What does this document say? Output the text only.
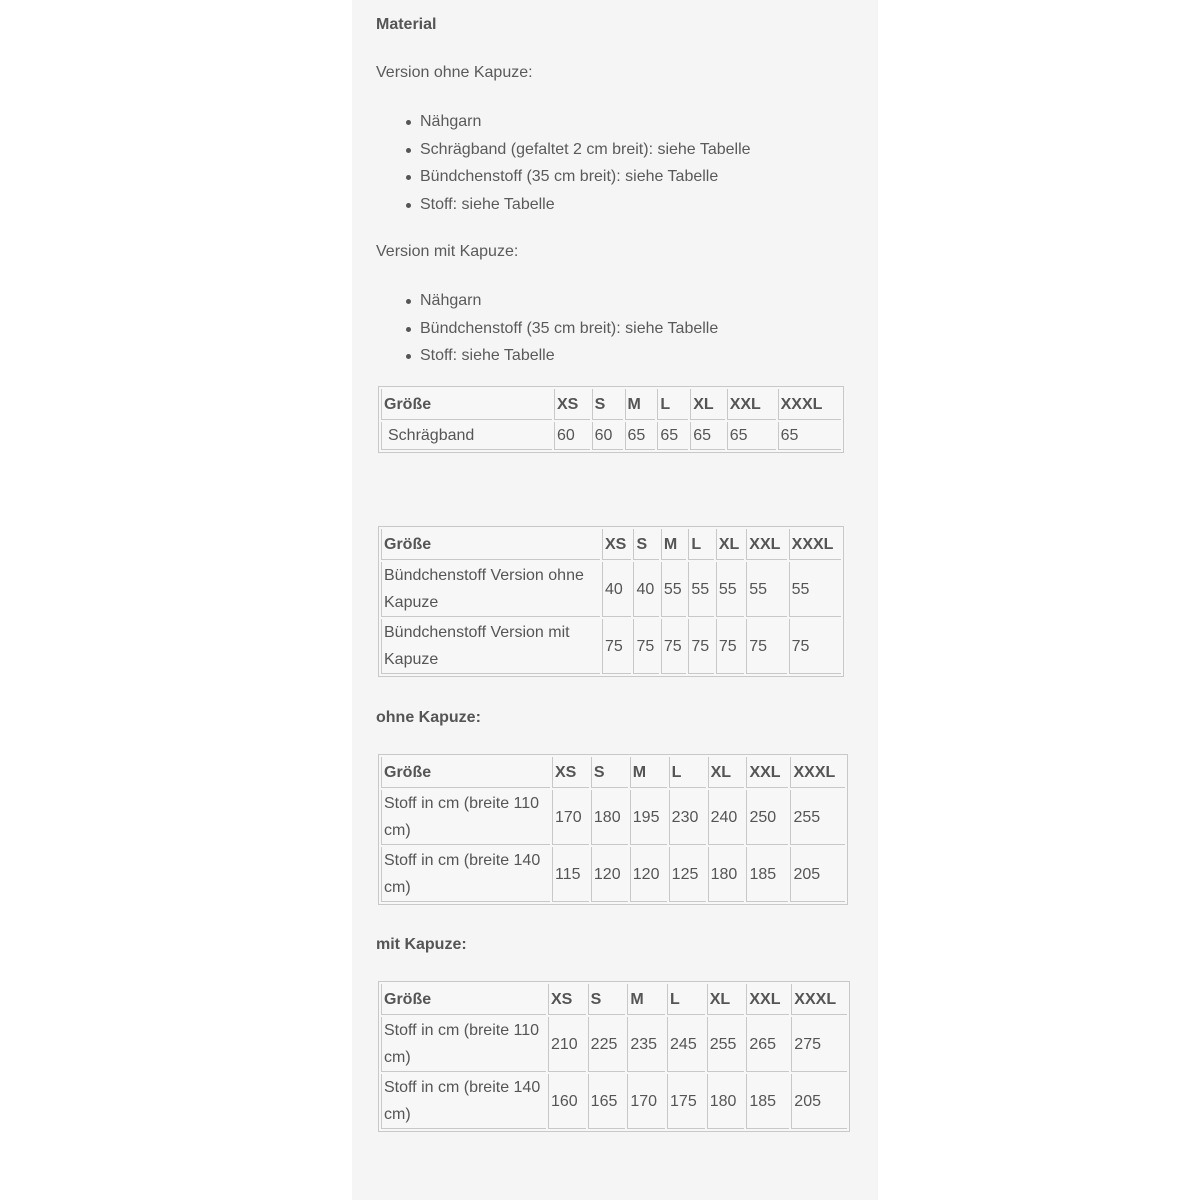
Material
Version ohne Kapuze:
Nähgarn
Schrägband (gefaltet 2 cm breit): siehe Tabelle
Bündchenstoff (35 cm breit): siehe Tabelle
Stoff: siehe Tabelle
Version mit Kapuze:
Nähgarn
Bündchenstoff (35 cm breit): siehe Tabelle
Stoff: siehe Tabelle
Größe	XS	S	M	L	XL	XXL	XXXL
Schrägband	60	60	65	65	65	65	65
Größe	XS	S	M	L	XL	XXL	XXXL
Bündchenstoff Version ohne Kapuze	40	40	55	55	55	55	55
Bündchenstoff Version mit Kapuze	75	75	75	75	75	75	75
ohne Kapuze:
Größe	XS	S	M	L	XL	XXL	XXXL
Stoff in cm (breite 110 cm)	170	180	195	230	240	250	255
Stoff in cm (breite 140 cm)	115	120	120	125	180	185	205
mit Kapuze:
Größe	XS	S	M	L	XL	XXL	XXXL
Stoff in cm (breite 110 cm)	210	225	235	245	255	265	275
Stoff in cm (breite 140 cm)	160	165	170	175	180	185	205
